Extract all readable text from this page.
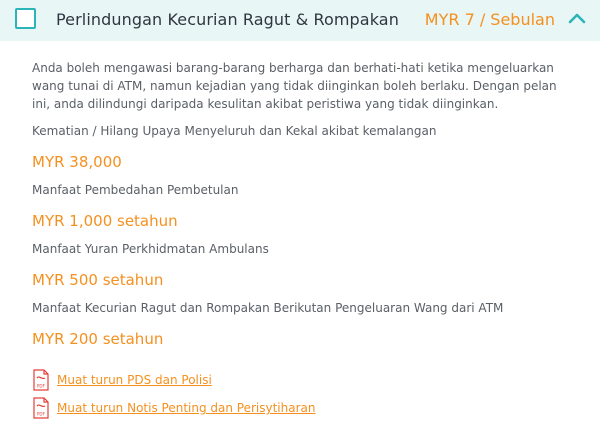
Perlindungan Kecurian Ragut & Rompakan MYR 7 / Sebulan
Anda boleh mengawasi barang-barang berharga dan berhati-hati ketika mengeluarkan wang tunai di ATM, namun kejadian yang tidak diinginkan boleh berlaku. Dengan pelan ini, anda dilindungi daripada kesulitan akibat peristiwa yang tidak diinginkan.
Kematian / Hilang Upaya Menyeluruh dan Kekal akibat kemalangan
MYR 38,000
Manfaat Pembedahan Pembetulan
MYR 1,000 setahun
Manfaat Yuran Perkhidmatan Ambulans
MYR 500 setahun
Manfaat Kecurian Ragut dan Rompakan Berikutan Pengeluaran Wang dari ATM
MYR 200 setahun
PDF Muat turun PDS dan Polisi
PDF Muat turun Notis Penting dan Perisytiharan
